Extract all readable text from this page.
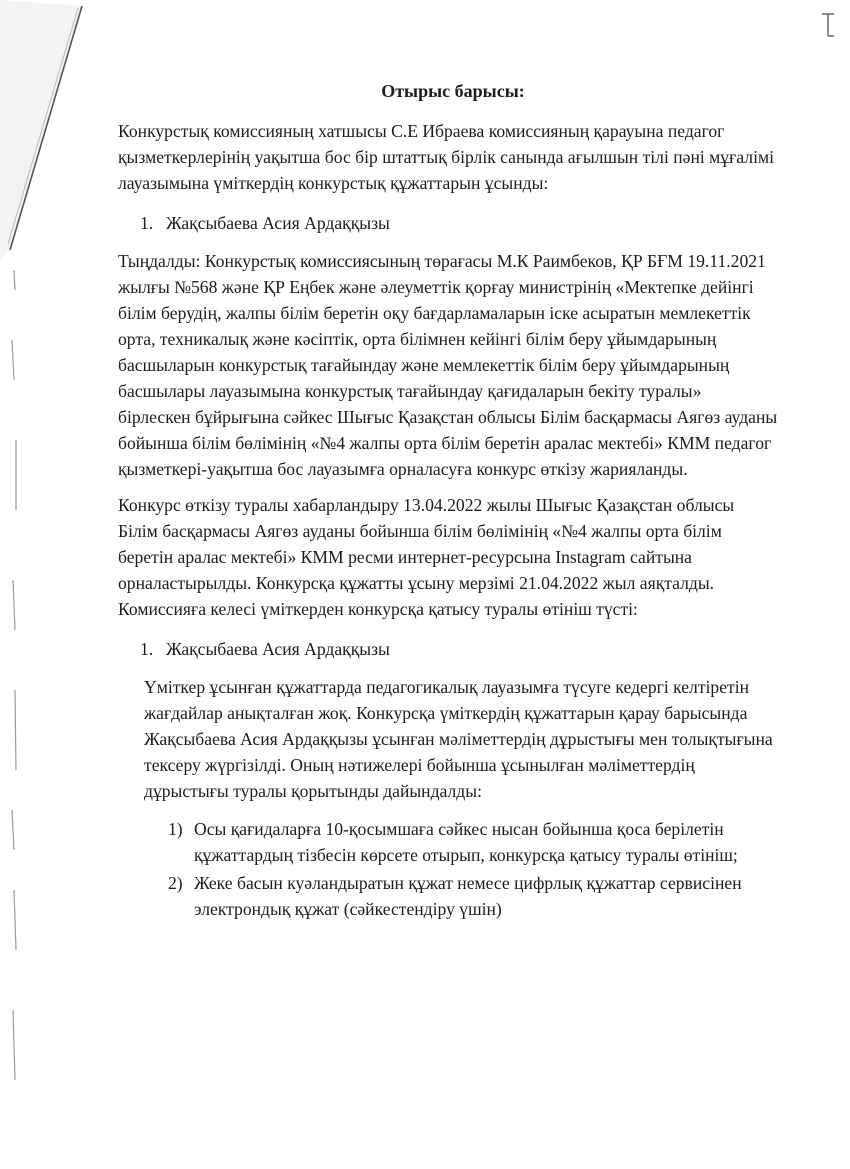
Отырыс барысы:

Конкурстық комиссияның хатшысы С.Е Ибраева комиссияның қарауына педагог қызметкерлерінің уақытша бос бір штаттық бірлік санында ағылшын тілі пәні мұғалімі лауазымына үміткердің конкурстық құжаттарын ұсынды:

1. Жақсыбаева Асия Ардаққызы

Тыңдалды: Конкурстық комиссиясының төрағасы М.К Раимбеков, ҚР БҒМ 19.11.2021 жылғы №568 және ҚР Еңбек және әлеуметтік қорғау министрінің «Мектепке дейінгі білім берудің, жалпы білім беретін оқу бағдарламаларын іске асыратын мемлекеттік орта, техникалық және кәсіптік, орта білімнен кейінгі білім беру ұйымдарының басшыларын конкурстық тағайындау және мемлекеттік білім беру ұйымдарының басшылары лауазымына конкурстық тағайындау қағидаларын бекіту туралы» бірлескен бұйрығына сәйкес Шығыс Қазақстан облысы Білім басқармасы Аягөз ауданы бойынша білім бөлімінің «№4 жалпы орта білім беретін аралас мектебі» КММ педагог қызметкері-уақытша бос лауазымға орналасуға конкурс өткізу жарияланды.

Конкурс өткізу туралы хабарландыру 13.04.2022 жылы Шығыс Қазақстан облысы Білім басқармасы Аягөз ауданы бойынша білім бөлімінің «№4 жалпы орта білім беретін аралас мектебі» КММ ресми интернет-ресурсына Instagram сайтына орналастырылды. Конкурсқа құжатты ұсыну мерзімі 21.04.2022 жыл аяқталды. Комиссияға келесі үміткерден конкурсқа қатысу туралы өтініш түсті:

1. Жақсыбаева Асия Ардаққызы

Үміткер ұсынған құжаттарда педагогикалық лауазымға түсуге кедергі келтіретін жағдайлар анықталған жоқ. Конкурсқа үміткердің құжаттарын қарау барысында Жақсыбаева Асия Ардаққызы ұсынған мәліметтердің дұрыстығы мен толықтығына тексеру жүргізілді. Оның нәтижелері бойынша ұсынылған мәліметтердің дұрыстығы туралы қорытынды дайындалды:

1) Осы қағидаларға 10-қосымшаға сәйкес нысан бойынша қоса берілетін құжаттардың тізбесін көрсете отырып, конкурсқа қатысу туралы өтініш;
2) Жеке басын куәландыратын құжат немесе цифрлық құжаттар сервисінен электрондық құжат (сәйкестендіру үшін)
